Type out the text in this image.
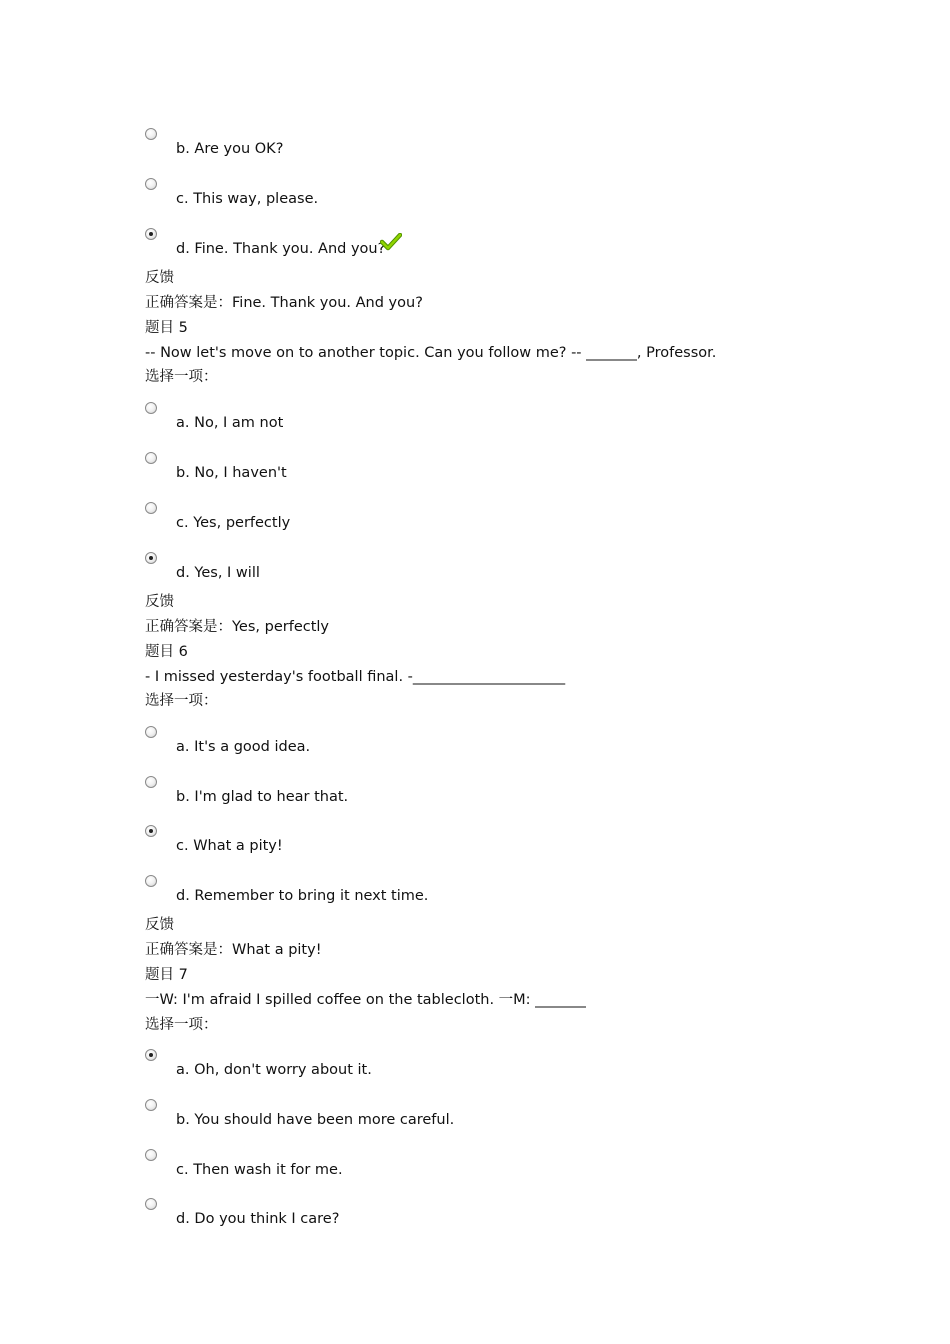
b. Are you OK?
c. This way, please.
d. Fine. Thank you. And you?
反馈
正确答案是：Fine. Thank you. And you?
题目 5
-- Now let's move on to another topic. Can you follow me? -- _______, Professor.
选择一项：
a. No, I am not
b. No, I haven't
c. Yes, perfectly
d. Yes, I will
反馈
正确答案是：Yes, perfectly
题目 6
- I missed yesterday's football final. -_____________________
选择一项：
a. It's a good idea.
b. I'm glad to hear that.
c. What a pity!
d. Remember to bring it next time.
反馈
正确答案是：What a pity!
题目 7
一W: I'm afraid I spilled coffee on the tablecloth. 一M: _______
选择一项：
a. Oh, don't worry about it.
b. You should have been more careful.
c. Then wash it for me.
d. Do you think I care?
